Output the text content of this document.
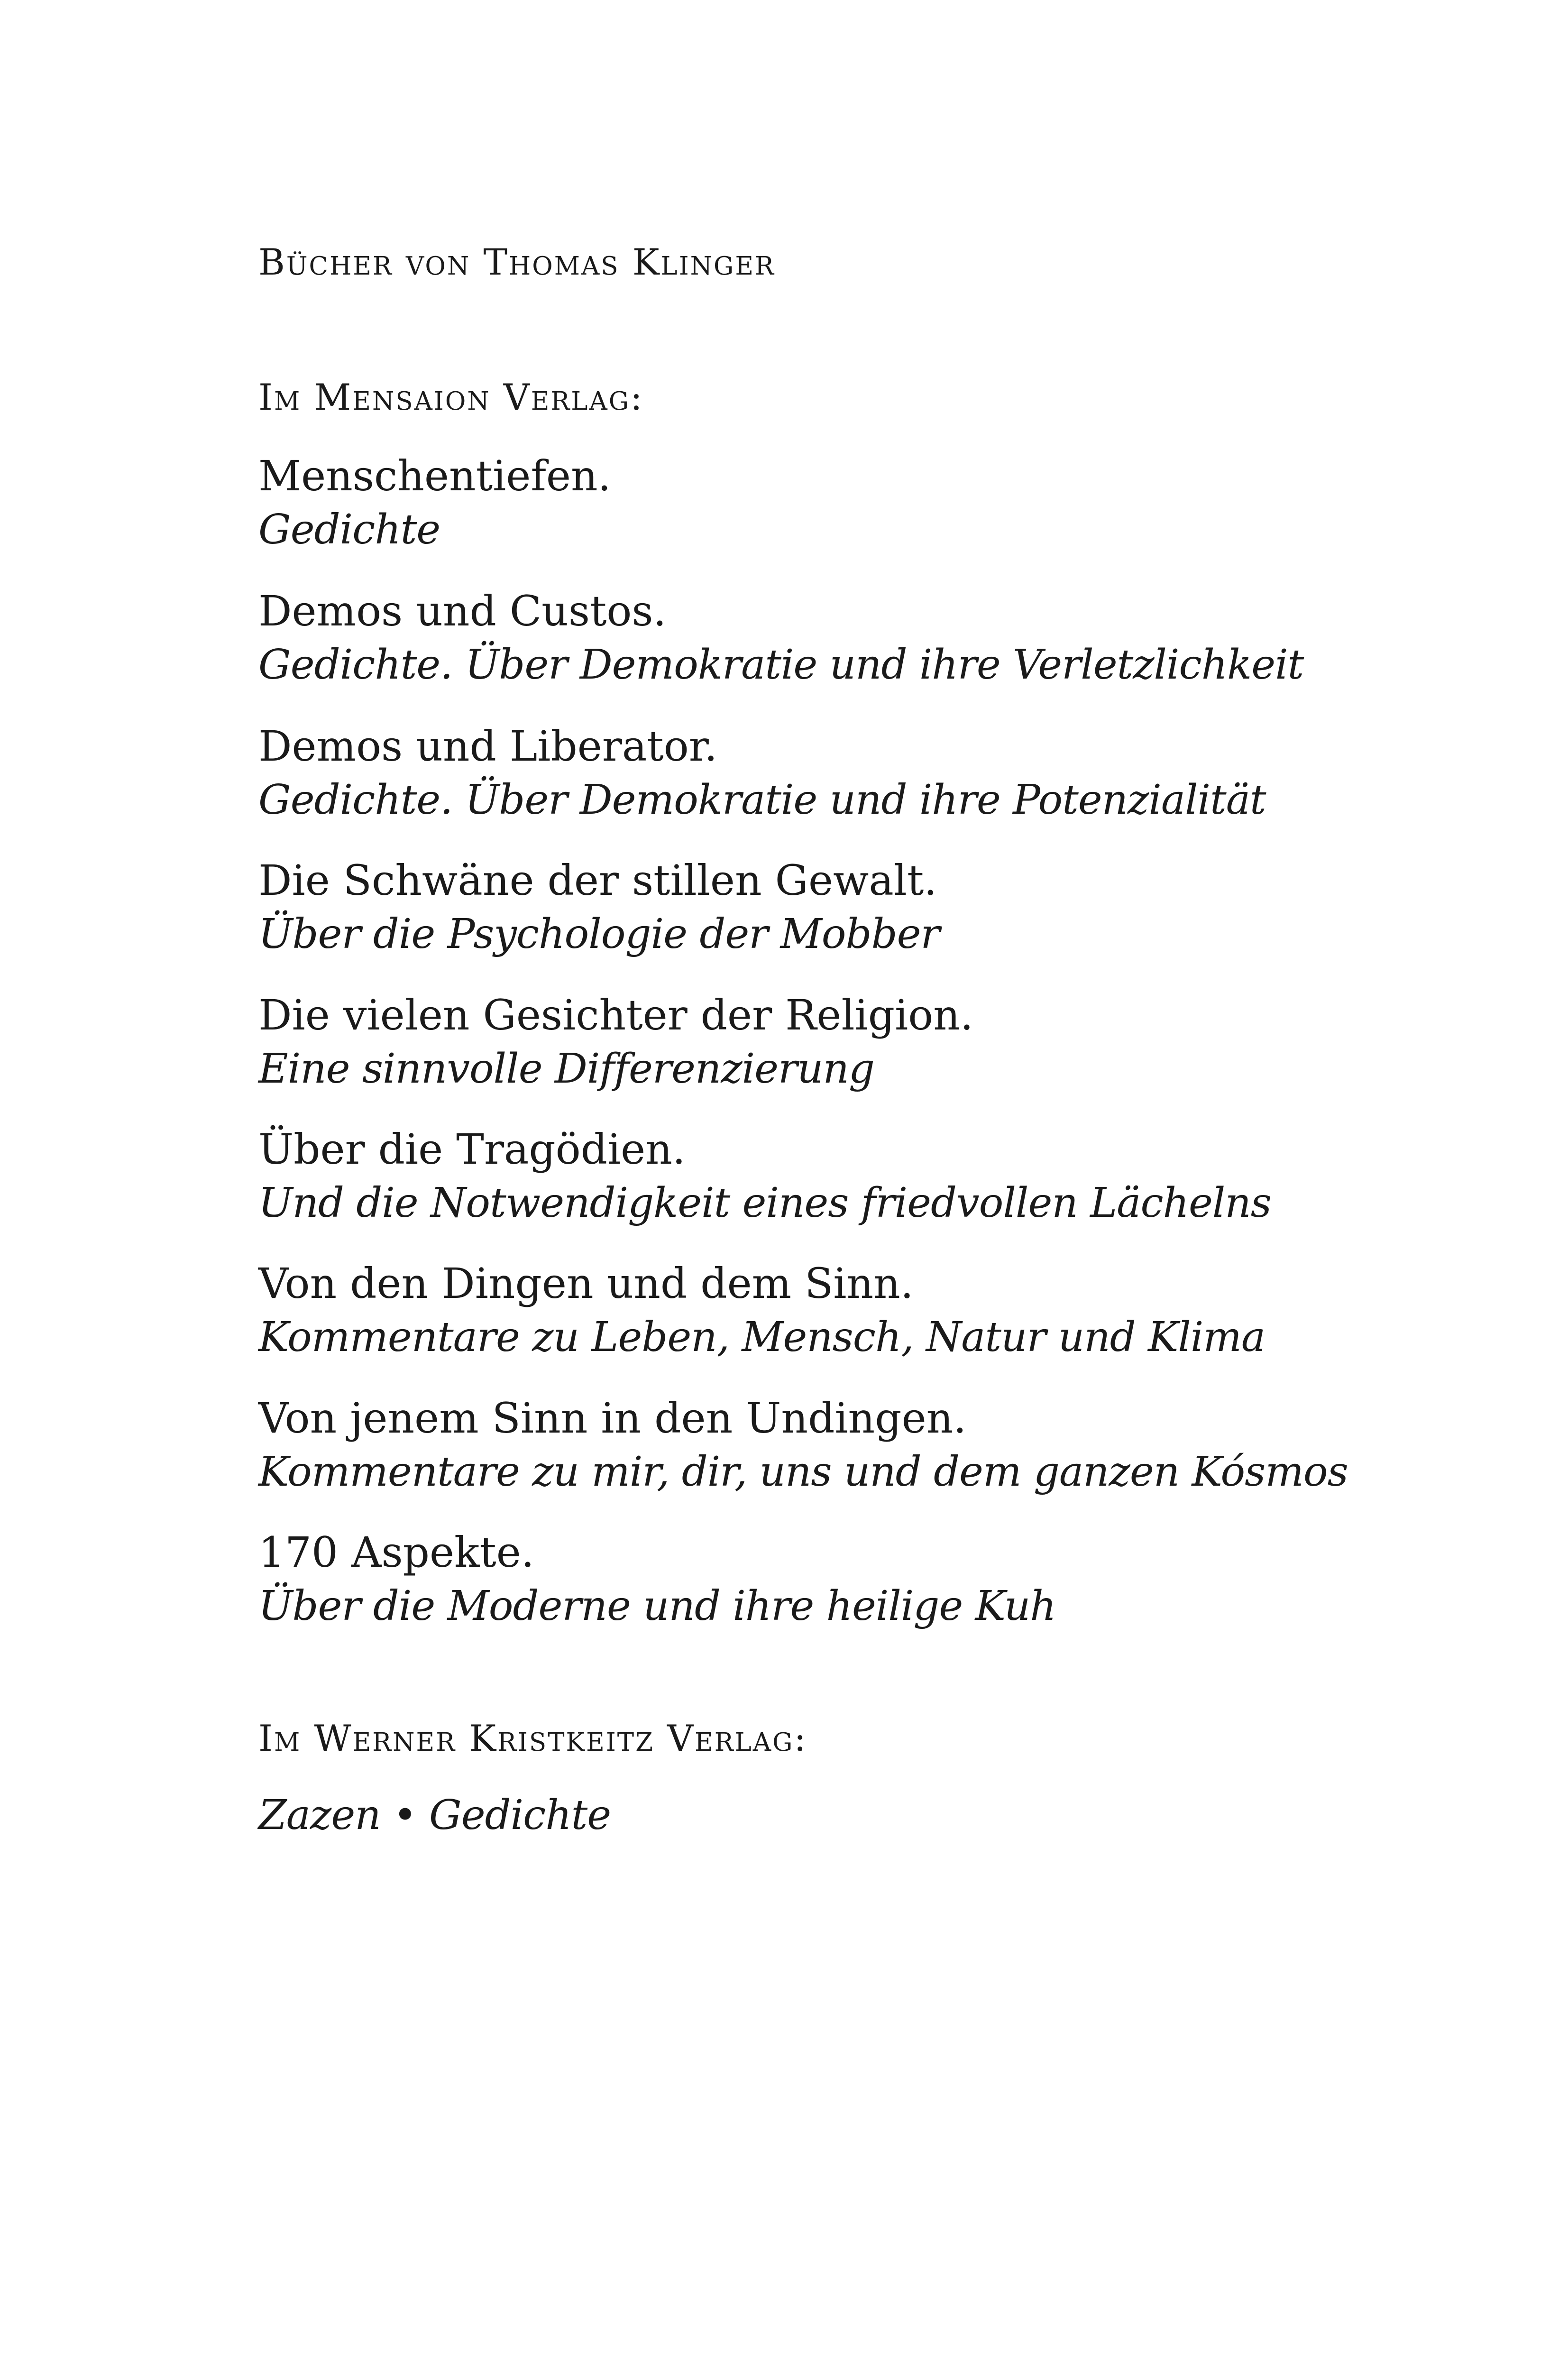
Bücher von Thomas Klinger
Im Mensaion Verlag:
Menschentiefen.
Gedichte
Demos und Custos.
Gedichte. Über Demokratie und ihre Verletzlichkeit
Demos und Liberator.
Gedichte. Über Demokratie und ihre Potenzialität
Die Schwäne der stillen Gewalt.
Über die Psychologie der Mobber
Die vielen Gesichter der Religion.
Eine sinnvolle Differenzierung
Über die Tragödien.
Und die Notwendigkeit eines friedvollen Lächelns
Von den Dingen und dem Sinn.
Kommentare zu Leben, Mensch, Natur und Klima
Von jenem Sinn in den Undingen.
Kommentare zu mir, dir, uns und dem ganzen Kósmos
170 Aspekte.
Über die Moderne und ihre heilige Kuh
Im Werner Kristkeitz Verlag:
Zazen • Gedichte
